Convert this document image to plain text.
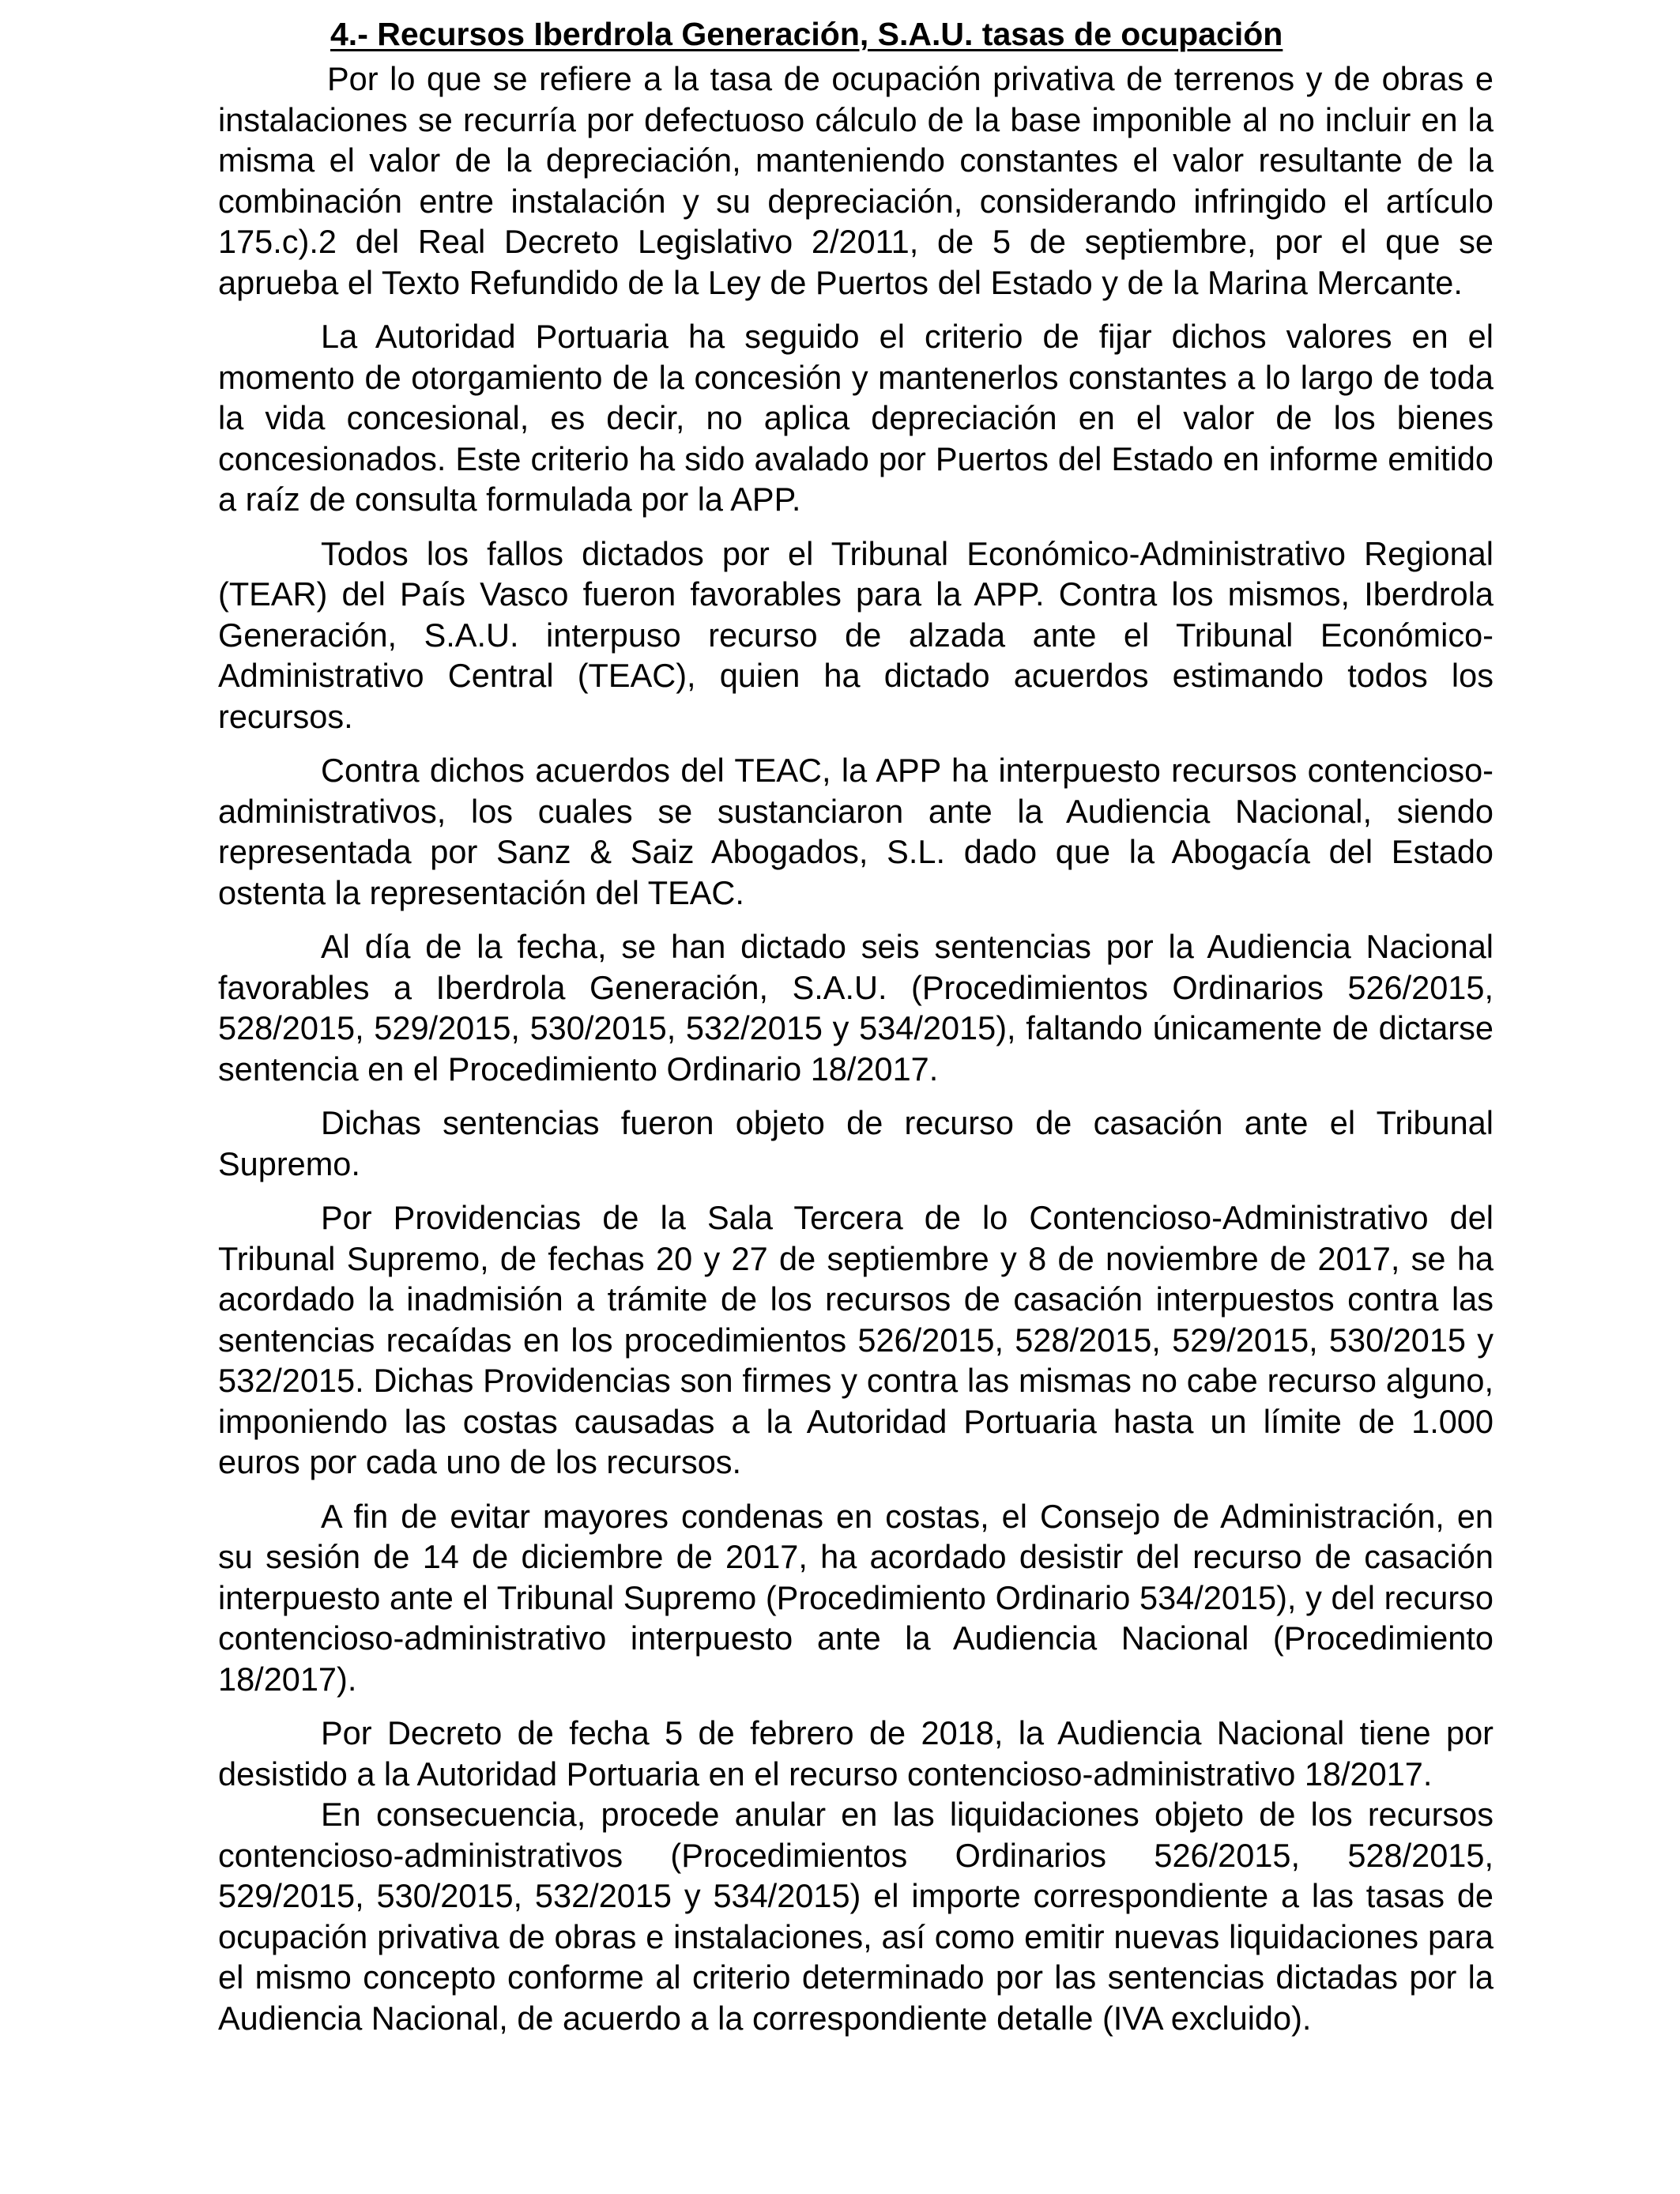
4.- Recursos Iberdrola Generación, S.A.U. tasas de ocupación

Por lo que se refiere a la tasa de ocupación privativa de terrenos y de obras e instalaciones se recurría por defectuoso cálculo de la base imponible al no incluir en la misma el valor de la depreciación, manteniendo constantes el valor resultante de la combinación entre instalación y su depreciación, considerando infringido el artículo 175.c).2 del Real Decreto Legislativo 2/2011, de 5 de septiembre, por el que se aprueba el Texto Refundido de la Ley de Puertos del Estado y de la Marina Mercante.

La Autoridad Portuaria ha seguido el criterio de fijar dichos valores en el momento de otorgamiento de la concesión y mantenerlos constantes a lo largo de toda la vida concesional, es decir, no aplica depreciación en el valor de los bienes concesionados. Este criterio ha sido avalado por Puertos del Estado en informe emitido a raíz de consulta formulada por la APP.

Todos los fallos dictados por el Tribunal Económico-Administrativo Regional (TEAR) del País Vasco fueron favorables para la APP. Contra los mismos, Iberdrola Generación, S.A.U. interpuso recurso de alzada ante el Tribunal Económico-Administrativo Central (TEAC), quien ha dictado acuerdos estimando todos los recursos.

Contra dichos acuerdos del TEAC, la APP ha interpuesto recursos contencioso-administrativos, los cuales se sustanciaron ante la Audiencia Nacional, siendo representada por Sanz & Saiz Abogados, S.L. dado que la Abogacía del Estado ostenta la representación del TEAC.

Al día de la fecha, se han dictado seis sentencias por la Audiencia Nacional favorables a Iberdrola Generación, S.A.U. (Procedimientos Ordinarios 526/2015, 528/2015, 529/2015, 530/2015, 532/2015 y 534/2015), faltando únicamente de dictarse sentencia en el Procedimiento Ordinario 18/2017.

Dichas sentencias fueron objeto de recurso de casación ante el Tribunal Supremo.

Por Providencias de la Sala Tercera de lo Contencioso-Administrativo del Tribunal Supremo, de fechas 20 y 27 de septiembre y 8 de noviembre de 2017, se ha acordado la inadmisión a trámite de los recursos de casación interpuestos contra las sentencias recaídas en los procedimientos 526/2015, 528/2015, 529/2015, 530/2015 y 532/2015. Dichas Providencias son firmes y contra las mismas no cabe recurso alguno, imponiendo las costas causadas a la Autoridad Portuaria hasta un límite de 1.000 euros por cada uno de los recursos.

A fin de evitar mayores condenas en costas, el Consejo de Administración, en su sesión de 14 de diciembre de 2017, ha acordado desistir del recurso de casación interpuesto ante el Tribunal Supremo (Procedimiento Ordinario 534/2015), y del recurso contencioso-administrativo interpuesto ante la Audiencia Nacional (Procedimiento 18/2017).

Por Decreto de fecha 5 de febrero de 2018, la Audiencia Nacional tiene por desistido a la Autoridad Portuaria en el recurso contencioso-administrativo 18/2017.

En consecuencia, procede anular en las liquidaciones objeto de los recursos contencioso-administrativos (Procedimientos Ordinarios 526/2015, 528/2015, 529/2015, 530/2015, 532/2015 y 534/2015) el importe correspondiente a las tasas de ocupación privativa de obras e instalaciones, así como emitir nuevas liquidaciones para el mismo concepto conforme al criterio determinado por las sentencias dictadas por la Audiencia Nacional, de acuerdo a la correspondiente detalle (IVA excluido).
